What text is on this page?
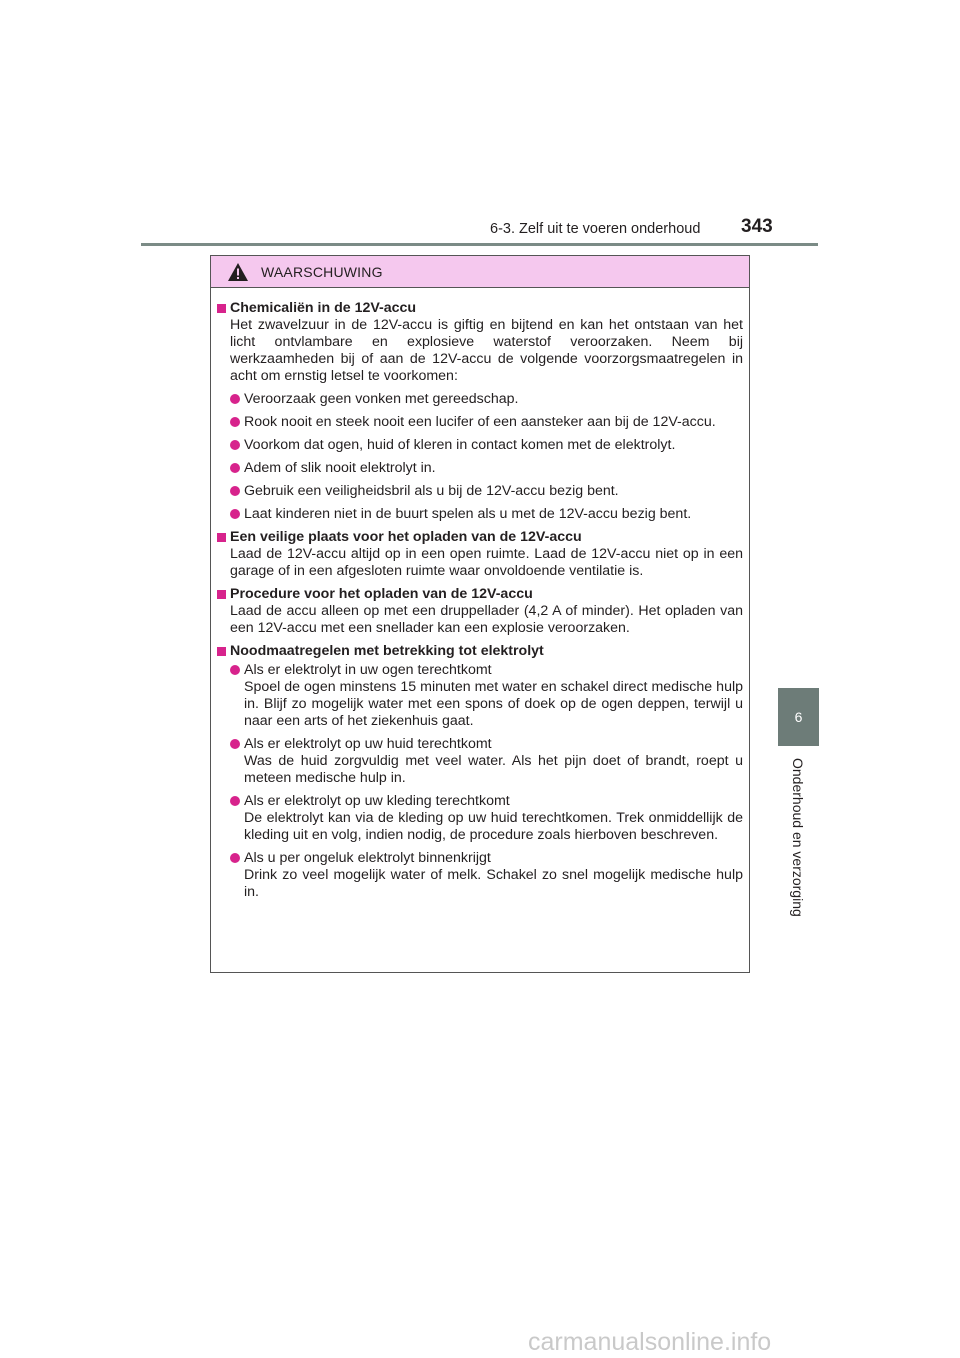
6-3. Zelf uit te voeren onderhoud 343
6
Onderhoud en verzorging
WAARSCHUWING
Chemicaliën in de 12V-accu
Het zwavelzuur in de 12V-accu is giftig en bijtend en kan het ontstaan van het licht ontvlambare en explosieve waterstof veroorzaken. Neem bij werkzaamheden bij of aan de 12V-accu de volgende voorzorgsmaatregelen in acht om ernstig letsel te voorkomen:
Veroorzaak geen vonken met gereedschap.
Rook nooit en steek nooit een lucifer of een aansteker aan bij de 12V-accu.
Voorkom dat ogen, huid of kleren in contact komen met de elektrolyt.
Adem of slik nooit elektrolyt in.
Gebruik een veiligheidsbril als u bij de 12V-accu bezig bent.
Laat kinderen niet in de buurt spelen als u met de 12V-accu bezig bent.
Een veilige plaats voor het opladen van de 12V-accu
Laad de 12V-accu altijd op in een open ruimte. Laad de 12V-accu niet op in een garage of in een afgesloten ruimte waar onvoldoende ventilatie is.
Procedure voor het opladen van de 12V-accu
Laad de accu alleen op met een druppellader (4,2 A of minder). Het opladen van een 12V-accu met een snellader kan een explosie veroorzaken.
Noodmaatregelen met betrekking tot elektrolyt
Als er elektrolyt in uw ogen terechtkomt
Spoel de ogen minstens 15 minuten met water en schakel direct medische hulp in. Blijf zo mogelijk water met een spons of doek op de ogen deppen, terwijl u naar een arts of het ziekenhuis gaat.
Als er elektrolyt op uw huid terechtkomt
Was de huid zorgvuldig met veel water. Als het pijn doet of brandt, roept u meteen medische hulp in.
Als er elektrolyt op uw kleding terechtkomt
De elektrolyt kan via de kleding op uw huid terechtkomen. Trek onmiddellijk de kleding uit en volg, indien nodig, de procedure zoals hierboven beschreven.
Als u per ongeluk elektrolyt binnenkrijgt
Drink zo veel mogelijk water of melk. Schakel zo snel mogelijk medische hulp in.
carmanualsonline.info
